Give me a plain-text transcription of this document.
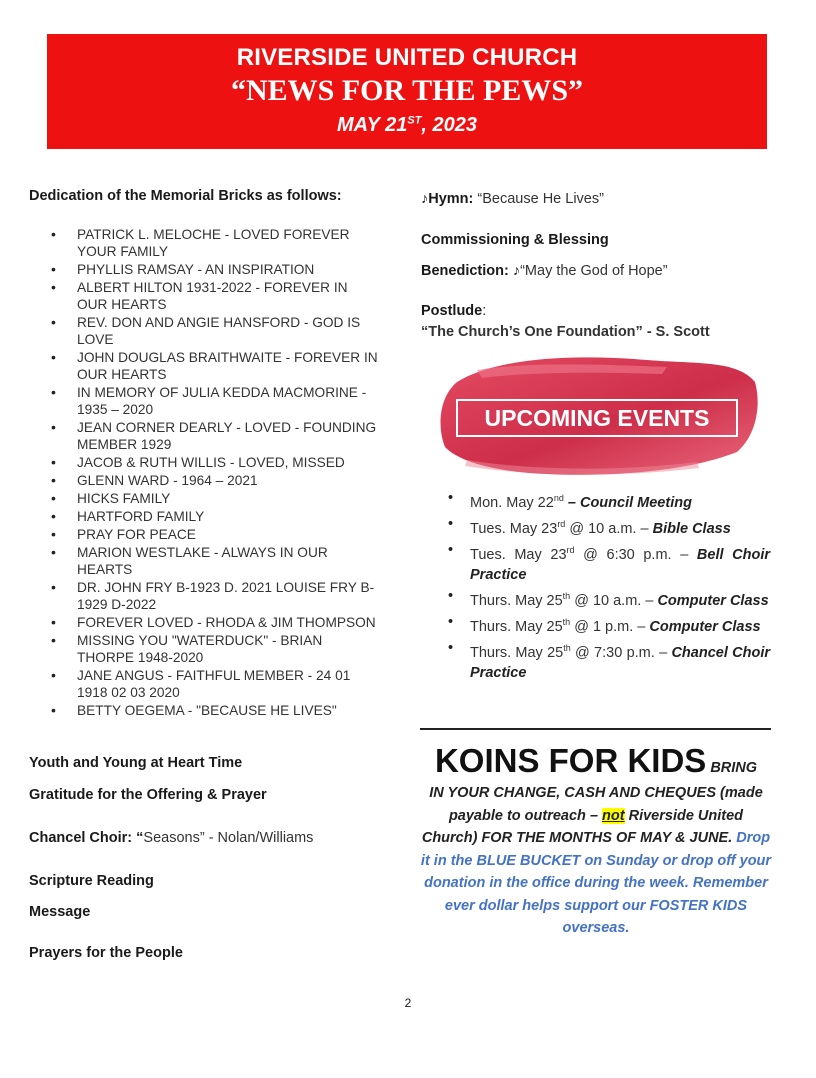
RIVERSIDE UNITED CHURCH
“NEWS FOR THE PEWS”
MAY 21ST, 2023
Dedication of the Memorial Bricks as follows:
• PATRICK L. MELOCHE - LOVED FOREVER YOUR FAMILY
• PHYLLIS RAMSAY - AN INSPIRATION
• ALBERT HILTON 1931-2022 - FOREVER IN OUR HEARTS
• REV. DON AND ANGIE HANSFORD - GOD IS LOVE
• JOHN DOUGLAS BRAITHWAITE - FOREVER IN OUR HEARTS
• IN MEMORY OF JULIA KEDDA MACMORINE - 1935 – 2020
• JEAN CORNER DEARLY - LOVED - FOUNDING MEMBER 1929
• JACOB & RUTH WILLIS - LOVED, MISSED
• GLENN WARD - 1964 – 2021
• HICKS FAMILY
• HARTFORD FAMILY
• PRAY FOR PEACE
• MARION WESTLAKE - ALWAYS IN OUR HEARTS
• DR. JOHN FRY B-1923 D. 2021 LOUISE FRY B-1929 D-2022
• FOREVER LOVED - RHODA & JIM THOMPSON
• MISSING YOU "WATERDUCK" - BRIAN THORPE 1948-2020
• JANE ANGUS - FAITHFUL MEMBER - 24 01 1918 02 03 2020
• BETTY OEGEMA - "BECAUSE HE LIVES"
Youth and Young at Heart Time
Gratitude for the Offering & Prayer
Chancel Choir: “Seasons” - Nolan/Williams
Scripture Reading
Message
Prayers for the People
♪Hymn: “Because He Lives”
Commissioning & Blessing
Benediction: ♪“May the God of Hope”
Postlude:
“The Church’s One Foundation” - S. Scott
UPCOMING EVENTS
• Mon. May 22nd – Council Meeting
• Tues. May 23rd @ 10 a.m. – Bible Class
• Tues. May 23rd @ 6:30 p.m. – Bell Choir Practice
• Thurs. May 25th @ 10 a.m. – Computer Class
• Thurs. May 25th @ 1 p.m. – Computer Class
• Thurs. May 25th @ 7:30 p.m. – Chancel Choir Practice
KOINS FOR KIDS BRING
IN YOUR CHANGE, CASH AND CHEQUES (made payable to outreach – not Riverside United Church) FOR THE MONTHS OF MAY & JUNE. Drop it in the BLUE BUCKET on Sunday or drop off your donation in the office during the week. Remember ever dollar helps support our FOSTER KIDS overseas.
2
